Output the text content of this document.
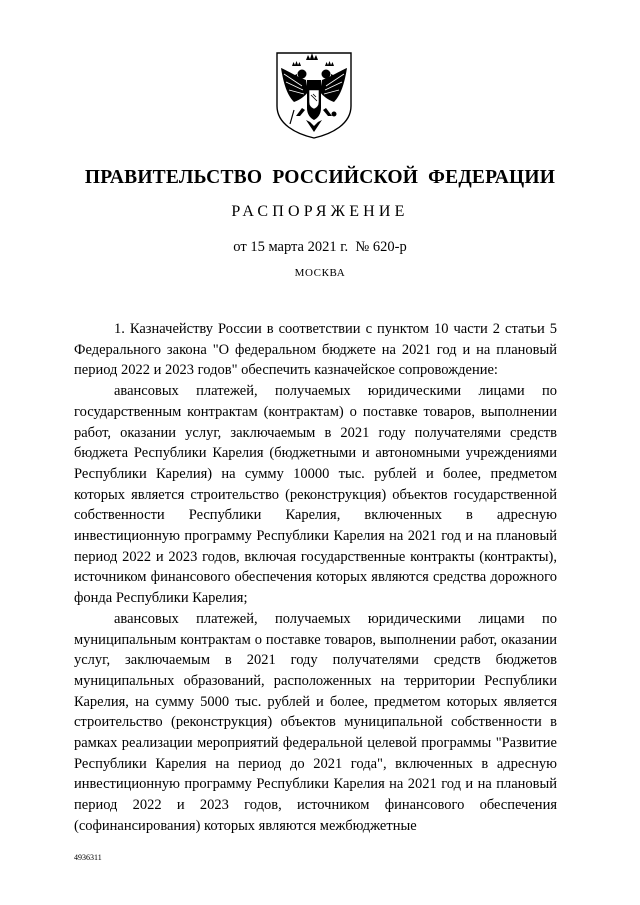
ПРАВИТЕЛЬСТВО РОССИЙСКОЙ ФЕДЕРАЦИИ
РАСПОРЯЖЕНИЕ
от 15 марта 2021 г.  № 620-р
МОСКВА

1. Казначейству России в соответствии с пунктом 10 части 2 статьи 5 Федерального закона "О федеральном бюджете на 2021 год и на плановый период 2022 и 2023 годов" обеспечить казначейское сопровождение:

авансовых платежей, получаемых юридическими лицами по государственным контрактам (контрактам) о поставке товаров, выполнении работ, оказании услуг, заключаемым в 2021 году получателями средств бюджета Республики Карелия (бюджетными и автономными учреждениями Республики Карелия) на сумму 10000 тыс. рублей и более, предметом которых является строительство (реконструкция) объектов государственной собственности Республики Карелия, включенных в адресную инвестиционную программу Республики Карелия на 2021 год и на плановый период 2022 и 2023 годов, включая государственные контракты (контракты), источником финансового обеспечения которых являются средства дорожного фонда Республики Карелия;

авансовых платежей, получаемых юридическими лицами по муниципальным контрактам о поставке товаров, выполнении работ, оказании услуг, заключаемым в 2021 году получателями средств бюджетов муниципальных образований, расположенных на территории Республики Карелия, на сумму 5000 тыс. рублей и более, предметом которых является строительство (реконструкция) объектов муниципальной собственности в рамках реализации мероприятий федеральной целевой программы "Развитие Республики Карелия на период до 2021 года", включенных в адресную инвестиционную программу Республики Карелия на 2021 год и на плановый период 2022 и 2023 годов, источником финансового обеспечения (софинансирования) которых являются межбюджетные

4936311
